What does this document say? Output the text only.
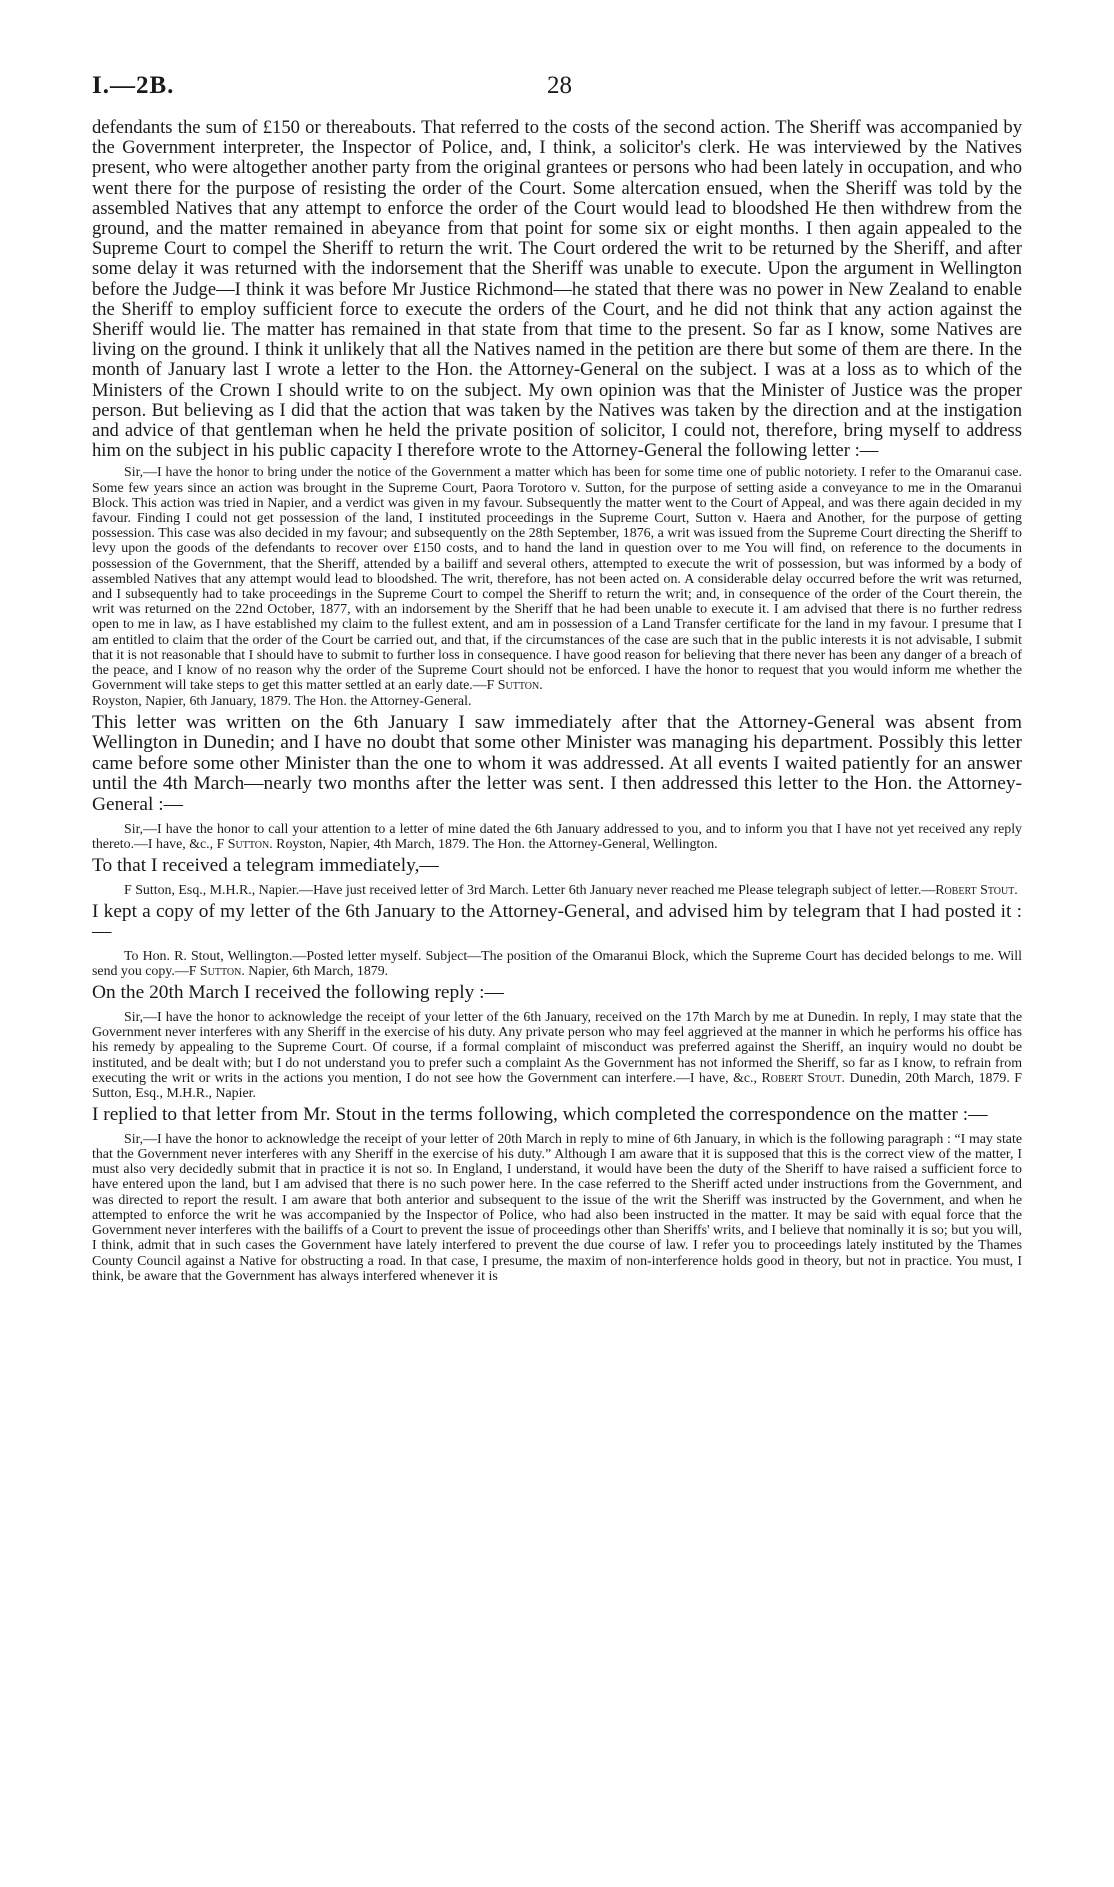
I.—2B.	28

defendants the sum of £150 or thereabouts. That referred to the costs of the second action. The Sheriff was accompanied by the Government interpreter, the Inspector of Police, and, I think, a solicitor's clerk. He was interviewed by the Natives present, who were altogether another party from the original grantees or persons who had been lately in occupation, and who went there for the purpose of resisting the order of the Court. Some altercation ensued, when the Sheriff was told by the assembled Natives that any attempt to enforce the order of the Court would lead to bloodshed He then withdrew from the ground, and the matter remained in abeyance from that point for some six or eight months. I then again appealed to the Supreme Court to compel the Sheriff to return the writ. The Court ordered the writ to be returned by the Sheriff, and after some delay it was returned with the indorsement that the Sheriff was unable to execute. Upon the argument in Wellington before the Judge—I think it was before Mr Justice Richmond—he stated that there was no power in New Zealand to enable the Sheriff to employ sufficient force to execute the orders of the Court, and he did not think that any action against the Sheriff would lie. The matter has remained in that state from that time to the present. So far as I know, some Natives are living on the ground. I think it unlikely that all the Natives named in the petition are there but some of them are there. In the month of January last I wrote a letter to the Hon. the Attorney-General on the subject. I was at a loss as to which of the Ministers of the Crown I should write to on the subject. My own opinion was that the Minister of Justice was the proper person. But believing as I did that the action that was taken by the Natives was taken by the direction and at the instigation and advice of that gentleman when he held the private position of solicitor, I could not, therefore, bring myself to address him on the subject in his public capacity I therefore wrote to the Attorney-General the following letter :—

Sir,—I have the honor to bring under the notice of the Government a matter which has been for some time one of public notoriety. I refer to the Omaranui case. Some few years since an action was brought in the Supreme Court, Paora Torotoro v. Sutton, for the purpose of setting aside a conveyance to me in the Omaranui Block. This action was tried in Napier, and a verdict was given in my favour. Subsequently the matter went to the Court of Appeal, and was there again decided in my favour. Finding I could not get possession of the land, I instituted proceedings in the Supreme Court, Sutton v. Haera and Another, for the purpose of getting possession. This case was also decided in my favour; and subsequently on the 28th September, 1876, a writ was issued from the Supreme Court directing the Sheriff to levy upon the goods of the defendants to recover over £150 costs, and to hand the land in question over to me You will find, on reference to the documents in possession of the Government, that the Sheriff, attended by a bailiff and several others, attempted to execute the writ of possession, but was informed by a body of assembled Natives that any attempt would lead to bloodshed. The writ, therefore, has not been acted on. A considerable delay occurred before the writ was returned, and I subsequently had to take proceedings in the Supreme Court to compel the Sheriff to return the writ; and, in consequence of the order of the Court therein, the writ was returned on the 22nd October, 1877, with an indorsement by the Sheriff that he had been unable to execute it. I am advised that there is no further redress open to me in law, as I have established my claim to the fullest extent, and am in possession of a Land Transfer certificate for the land in my favour. I presume that I am entitled to claim that the order of the Court be carried out, and that, if the circumstances of the case are such that in the public interests it is not advisable, I submit that it is not reasonable that I should have to submit to further loss in consequence. I have good reason for believing that there never has been any danger of a breach of the peace, and I know of no reason why the order of the Supreme Court should not be enforced. I have the honor to request that you would inform me whether the Government will take steps to get this matter settled at an early date.—F Sutton.

Royston, Napier, 6th January, 1879. The Hon. the Attorney-General.

This letter was written on the 6th January I saw immediately after that the Attorney-General was absent from Wellington in Dunedin; and I have no doubt that some other Minister was managing his department. Possibly this letter came before some other Minister than the one to whom it was addressed. At all events I waited patiently for an answer until the 4th March—nearly two months after the letter was sent. I then addressed this letter to the Hon. the Attorney-General :—

Sir,—I have the honor to call your attention to a letter of mine dated the 6th January addressed to you, and to inform you that I have not yet received any reply thereto.—I have, &c., F Sutton. Royston, Napier, 4th March, 1879. The Hon. the Attorney-General, Wellington.

To that I received a telegram immediately,—

F Sutton, Esq., M.H.R., Napier.—Have just received letter of 3rd March. Letter 6th January never reached me Please telegraph subject of letter.—Robert Stout.

I kept a copy of my letter of the 6th January to the Attorney-General, and advised him by telegram that I had posted it :—

To Hon. R. Stout, Wellington.—Posted letter myself. Subject—The position of the Omaranui Block, which the Supreme Court has decided belongs to me. Will send you copy.—F Sutton. Napier, 6th March, 1879.

On the 20th March I received the following reply :—

Sir,—I have the honor to acknowledge the receipt of your letter of the 6th January, received on the 17th March by me at Dunedin. In reply, I may state that the Government never interferes with any Sheriff in the exercise of his duty. Any private person who may feel aggrieved at the manner in which he performs his office has his remedy by appealing to the Supreme Court. Of course, if a formal complaint of misconduct was preferred against the Sheriff, an inquiry would no doubt be instituted, and be dealt with; but I do not understand you to prefer such a complaint As the Government has not informed the Sheriff, so far as I know, to refrain from executing the writ or writs in the actions you mention, I do not see how the Government can interfere.—I have, &c., Robert Stout. Dunedin, 20th March, 1879. F Sutton, Esq., M.H.R., Napier.

I replied to that letter from Mr. Stout in the terms following, which completed the correspondence on the matter :—

Sir,—I have the honor to acknowledge the receipt of your letter of 20th March in reply to mine of 6th January, in which is the following paragraph : “I may state that the Government never interferes with any Sheriff in the exercise of his duty.” Although I am aware that it is supposed that this is the correct view of the matter, I must also very decidedly submit that in practice it is not so. In England, I understand, it would have been the duty of the Sheriff to have raised a sufficient force to have entered upon the land, but I am advised that there is no such power here. In the case referred to the Sheriff acted under instructions from the Government, and was directed to report the result. I am aware that both anterior and subsequent to the issue of the writ the Sheriff was instructed by the Government, and when he attempted to enforce the writ he was accompanied by the Inspector of Police, who had also been instructed in the matter. It may be said with equal force that the Government never interferes with the bailiffs of a Court to prevent the issue of proceedings other than Sheriffs' writs, and I believe that nominally it is so; but you will, I think, admit that in such cases the Government have lately interfered to prevent the due course of law. I refer you to proceedings lately instituted by the Thames County Council against a Native for obstructing a road. In that case, I presume, the maxim of non-interference holds good in theory, but not in practice. You must, I think, be aware that the Government has always interfered whenever it is
